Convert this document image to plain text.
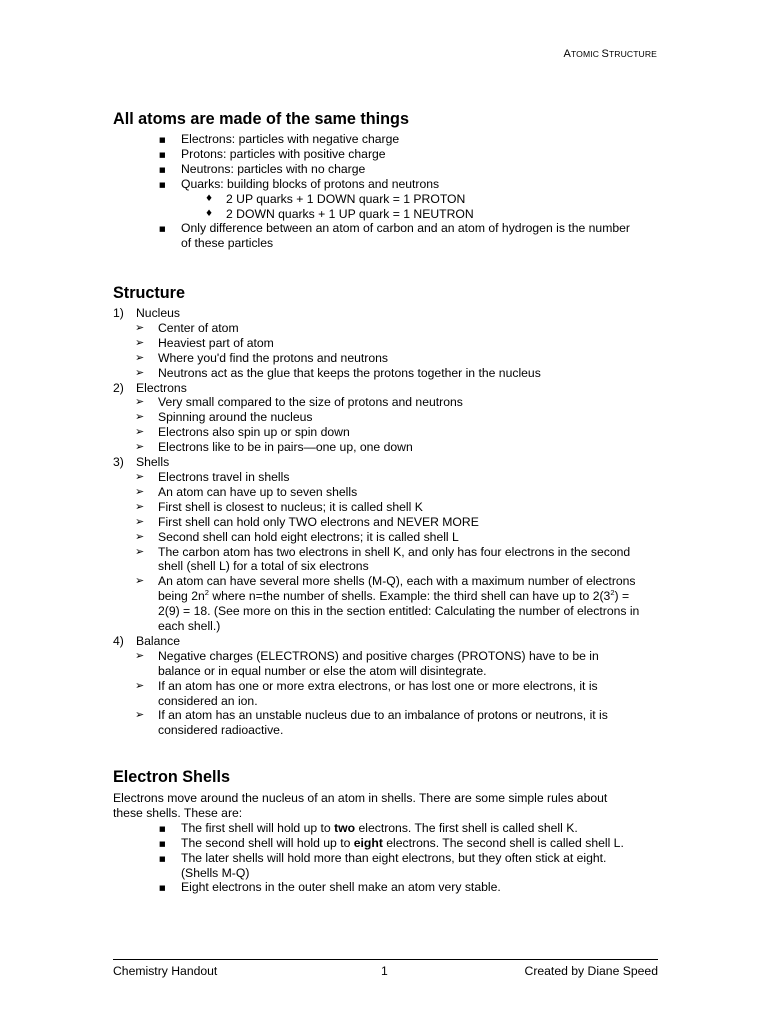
ATOMIC STRUCTURE
All atoms are made of the same things
■	Electrons: particles with negative charge
■	Protons: particles with positive charge
■	Neutrons: particles with no charge
■	Quarks: building blocks of protons and neutrons
♦	2 UP quarks + 1 DOWN quark = 1 PROTON
♦	2 DOWN quarks + 1 UP quark = 1 NEUTRON
■	Only difference between an atom of carbon and an atom of hydrogen is the number
of these particles
Structure
1) Nucleus
➢	Center of atom
➢	Heaviest part of atom
➢	Where you'd find the protons and neutrons
➢	Neutrons act as the glue that keeps the protons together in the nucleus
2) Electrons
➢	Very small compared to the size of protons and neutrons
➢	Spinning around the nucleus
➢	Electrons also spin up or spin down
➢	Electrons like to be in pairs—one up, one down
3) Shells
➢	Electrons travel in shells
➢	An atom can have up to seven shells
➢	First shell is closest to nucleus; it is called shell K
➢	First shell can hold only TWO electrons and NEVER MORE
➢	Second shell can hold eight electrons; it is called shell L
➢	The carbon atom has two electrons in shell K, and only has four electrons in the second
shell (shell L) for a total of six electrons
➢	An atom can have several more shells (M-Q), each with a maximum number of electrons
being $2n^2$ where n=the number of shells. Example: the third shell can have up to $2(3^2)$ =
2(9) = 18. (See more on this in the section entitled: Calculating the number of electrons in
each shell.)
4) Balance
➢	Negative charges (ELECTRONS) and positive charges (PROTONS) have to be in
balance or in equal number or else the atom will disintegrate.
➢	If an atom has one or more extra electrons, or has lost one or more electrons, it is
considered an ion.
➢	If an atom has an unstable nucleus due to an imbalance of protons or neutrons, it is
considered radioactive.
Electron Shells
Electrons move around the nucleus of an atom in shells. There are some simple rules about
these shells. These are:
■	The first shell will hold up to two electrons. The first shell is called shell K.
■	The second shell will hold up to eight electrons. The second shell is called shell L.
■	The later shells will hold more than eight electrons, but they often stick at eight.
(Shells M-Q)
■	Eight electrons in the outer shell make an atom very stable.
Chemistry Handout	1	Created by Diane Speed
